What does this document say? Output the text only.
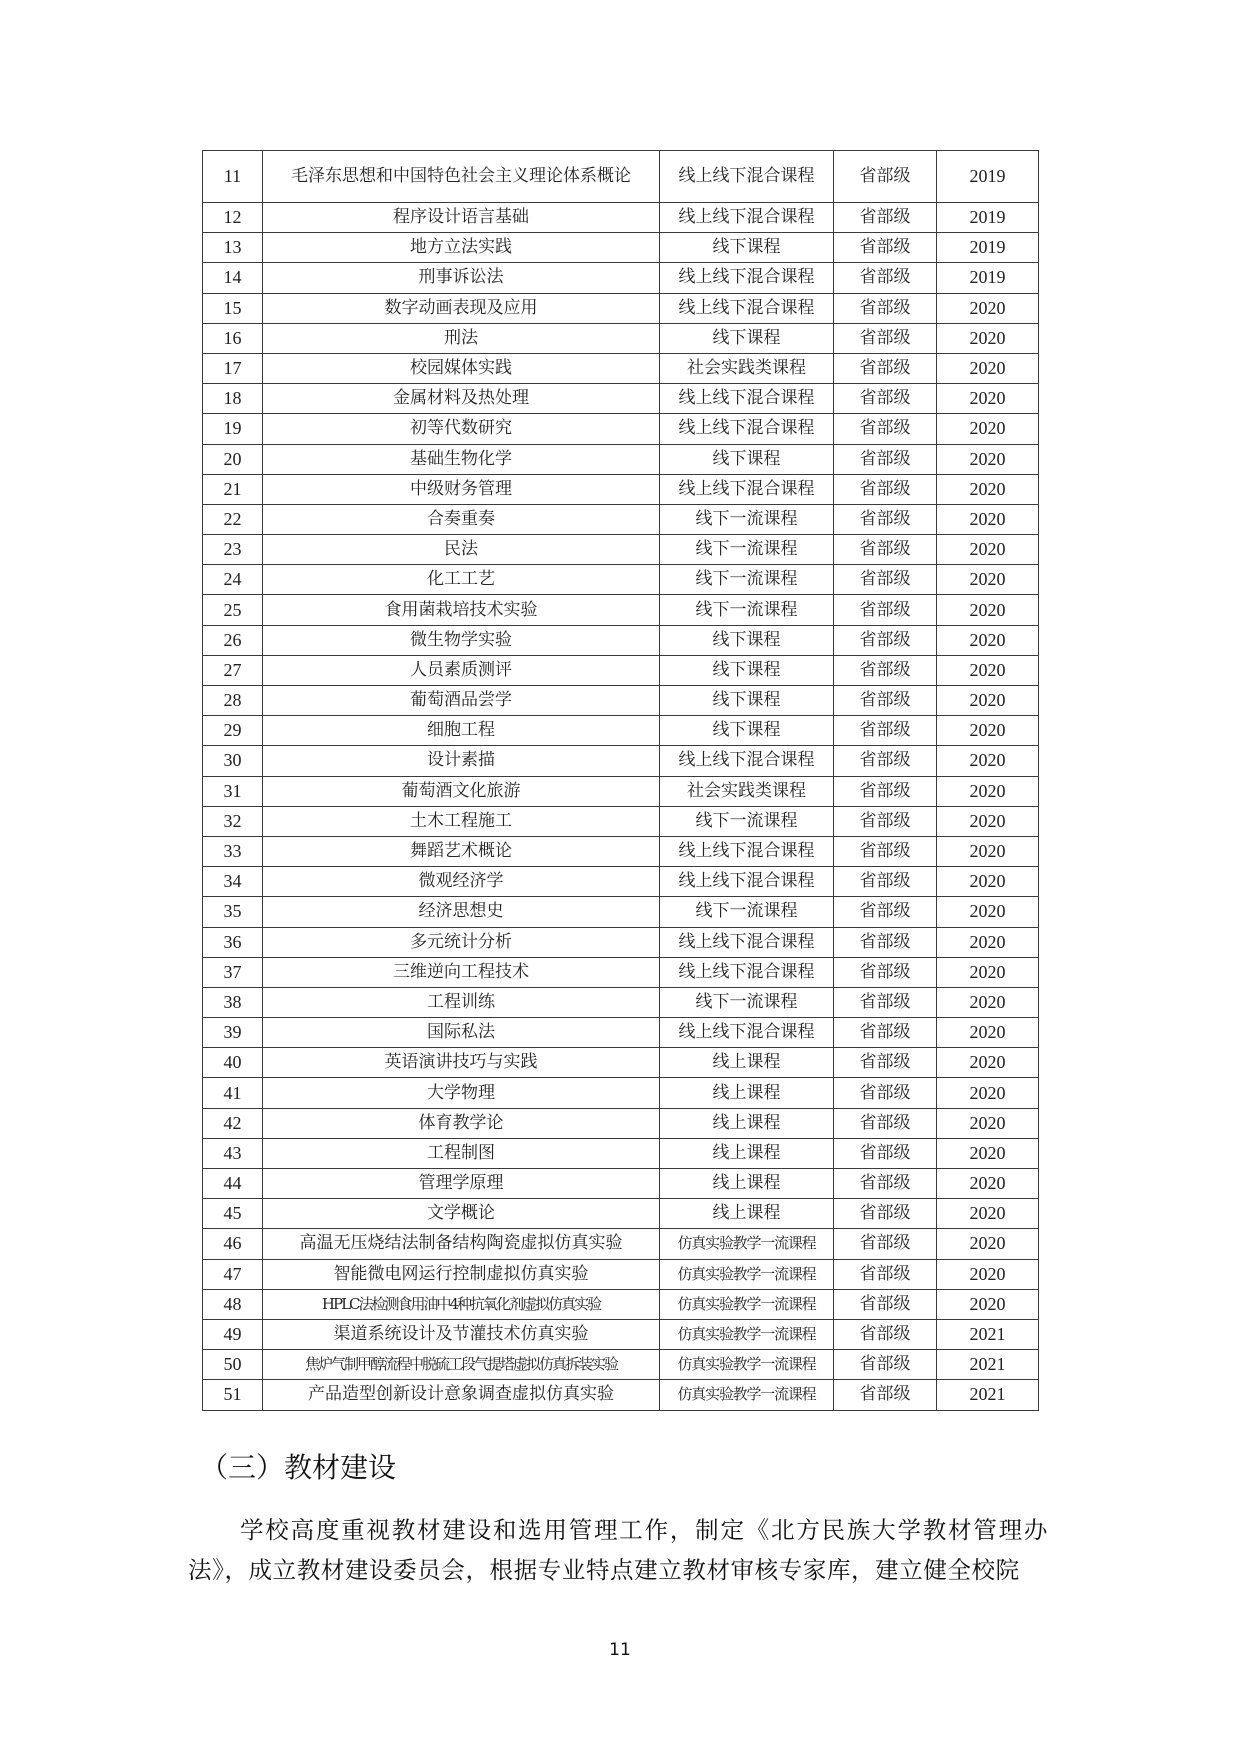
11	毛泽东思想和中国特色社会主义理论体系概论	线上线下混合课程	省部级	2019
12	程序设计语言基础	线上线下混合课程	省部级	2019
13	地方立法实践	线下课程	省部级	2019
14	刑事诉讼法	线上线下混合课程	省部级	2019
15	数字动画表现及应用	线上线下混合课程	省部级	2020
16	刑法	线下课程	省部级	2020
17	校园媒体实践	社会实践类课程	省部级	2020
18	金属材料及热处理	线上线下混合课程	省部级	2020
19	初等代数研究	线上线下混合课程	省部级	2020
20	基础生物化学	线下课程	省部级	2020
21	中级财务管理	线上线下混合课程	省部级	2020
22	合奏重奏	线下一流课程	省部级	2020
23	民法	线下一流课程	省部级	2020
24	化工工艺	线下一流课程	省部级	2020
25	食用菌栽培技术实验	线下一流课程	省部级	2020
26	微生物学实验	线下课程	省部级	2020
27	人员素质测评	线下课程	省部级	2020
28	葡萄酒品尝学	线下课程	省部级	2020
29	细胞工程	线下课程	省部级	2020
30	设计素描	线上线下混合课程	省部级	2020
31	葡萄酒文化旅游	社会实践类课程	省部级	2020
32	土木工程施工	线下一流课程	省部级	2020
33	舞蹈艺术概论	线上线下混合课程	省部级	2020
34	微观经济学	线上线下混合课程	省部级	2020
35	经济思想史	线下一流课程	省部级	2020
36	多元统计分析	线上线下混合课程	省部级	2020
37	三维逆向工程技术	线上线下混合课程	省部级	2020
38	工程训练	线下一流课程	省部级	2020
39	国际私法	线上线下混合课程	省部级	2020
40	英语演讲技巧与实践	线上课程	省部级	2020
41	大学物理	线上课程	省部级	2020
42	体育教学论	线上课程	省部级	2020
43	工程制图	线上课程	省部级	2020
44	管理学原理	线上课程	省部级	2020
45	文学概论	线上课程	省部级	2020
46	高温无压烧结法制备结构陶瓷虚拟仿真实验	仿真实验教学一流课程	省部级	2020
47	智能微电网运行控制虚拟仿真实验	仿真实验教学一流课程	省部级	2020
48	HPLC法检测食用油中4种抗氧化剂虚拟仿真实验	仿真实验教学一流课程	省部级	2020
49	渠道系统设计及节灌技术仿真实验	仿真实验教学一流课程	省部级	2021
50	焦炉气制甲醇流程中脱硫工段气提塔虚拟仿真拆装实验	仿真实验教学一流课程	省部级	2021
51	产品造型创新设计意象调查虚拟仿真实验	仿真实验教学一流课程	省部级	2021
（三）教材建设
学校高度重视教材建设和选用管理工作，制定《北方民族大学教材管理办法》，成立教材建设委员会，根据专业特点建立教材审核专家库，建立健全校院
11
